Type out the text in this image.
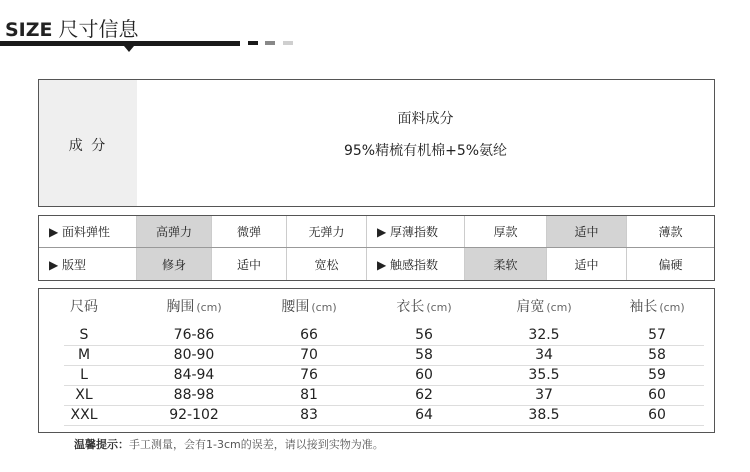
SIZE 尺寸信息
成 分
面料成分
95%精梳有机棉+5%氨纶
▶ 面料弹性	高弹力	微弹	无弹力	▶ 厚薄指数	厚款	适中	薄款
▶ 版型	修身	适中	宽松	▶ 触感指数	柔软	适中	偏硬
尺码	胸围 (cm)	腰围 (cm)	衣长 (cm)	肩宽 (cm)	袖长 (cm)
S	76-86	66	56	32.5	57
M	80-90	70	58	34	58
L	84-94	76	60	35.5	59
XL	88-98	81	62	37	60
XXL	92-102	83	64	38.5	60
温馨提示：手工测量，会有1-3cm的误差，请以接到实物为准。
